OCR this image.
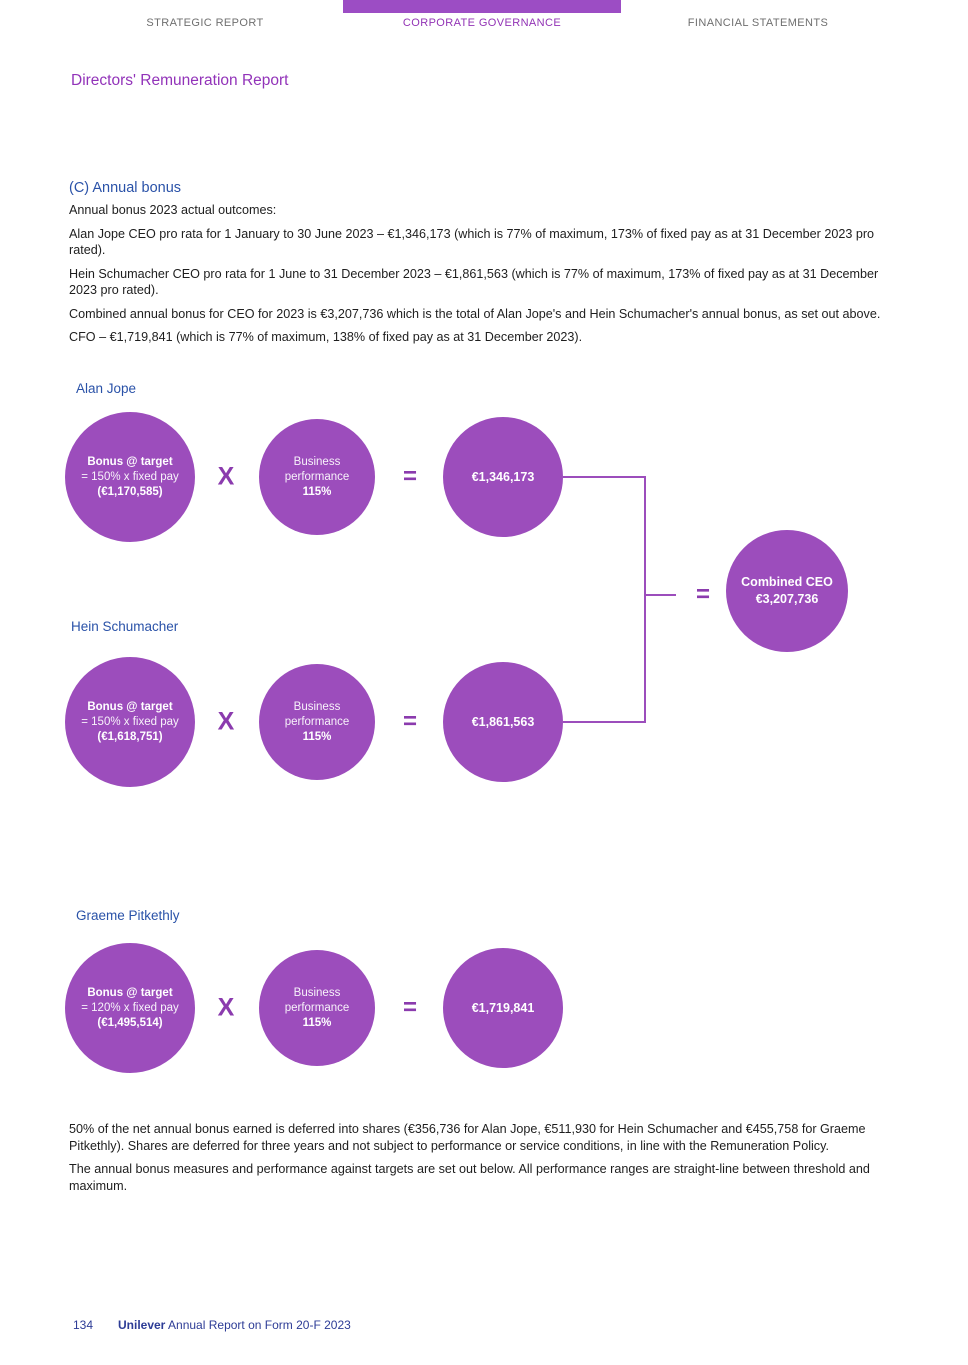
STRATEGIC REPORT	CORPORATE GOVERNANCE	FINANCIAL STATEMENTS
Directors' Remuneration Report
(C) Annual bonus

Annual bonus 2023 actual outcomes:

Alan Jope CEO pro rata for 1 January to 30 June 2023 – €1,346,173 (which is 77% of maximum, 173% of fixed pay as at 31 December 2023 pro rated).

Hein Schumacher CEO pro rata for 1 June to 31 December 2023 – €1,861,563 (which is 77% of maximum, 173% of fixed pay as at 31 December 2023 pro rated).

Combined annual bonus for CEO for 2023 is €3,207,736 which is the total of Alan Jope's and Hein Schumacher's annual bonus, as set out above.

CFO – €1,719,841 (which is 77% of maximum, 138% of fixed pay as at 31 December 2023).

Alan Jope
Hein Schumacher
Graeme Pitkethly
Bonus @ target
= 150% x fixed pay
(€1,170,585)
X
Business
performance
115%
=	€1,346,173
Bonus @ target
= 150% x fixed pay
(€1,618,751)
X
Business
performance
115%
=	€1,861,563
Bonus @ target
= 120% x fixed pay
(€1,495,514)
X
Business
performance
115%
=	€1,719,841
= Combined CEO
€3,207,736

50% of the net annual bonus earned is deferred into shares (€356,736 for Alan Jope, €511,930 for Hein Schumacher and €455,758 for Graeme Pitkethly). Shares are deferred for three years and not subject to performance or service conditions, in line with the Remuneration Policy.

The annual bonus measures and performance against targets are set out below. All performance ranges are straight-line between threshold and maximum.

134 Unilever Annual Report on Form 20-F 2023
